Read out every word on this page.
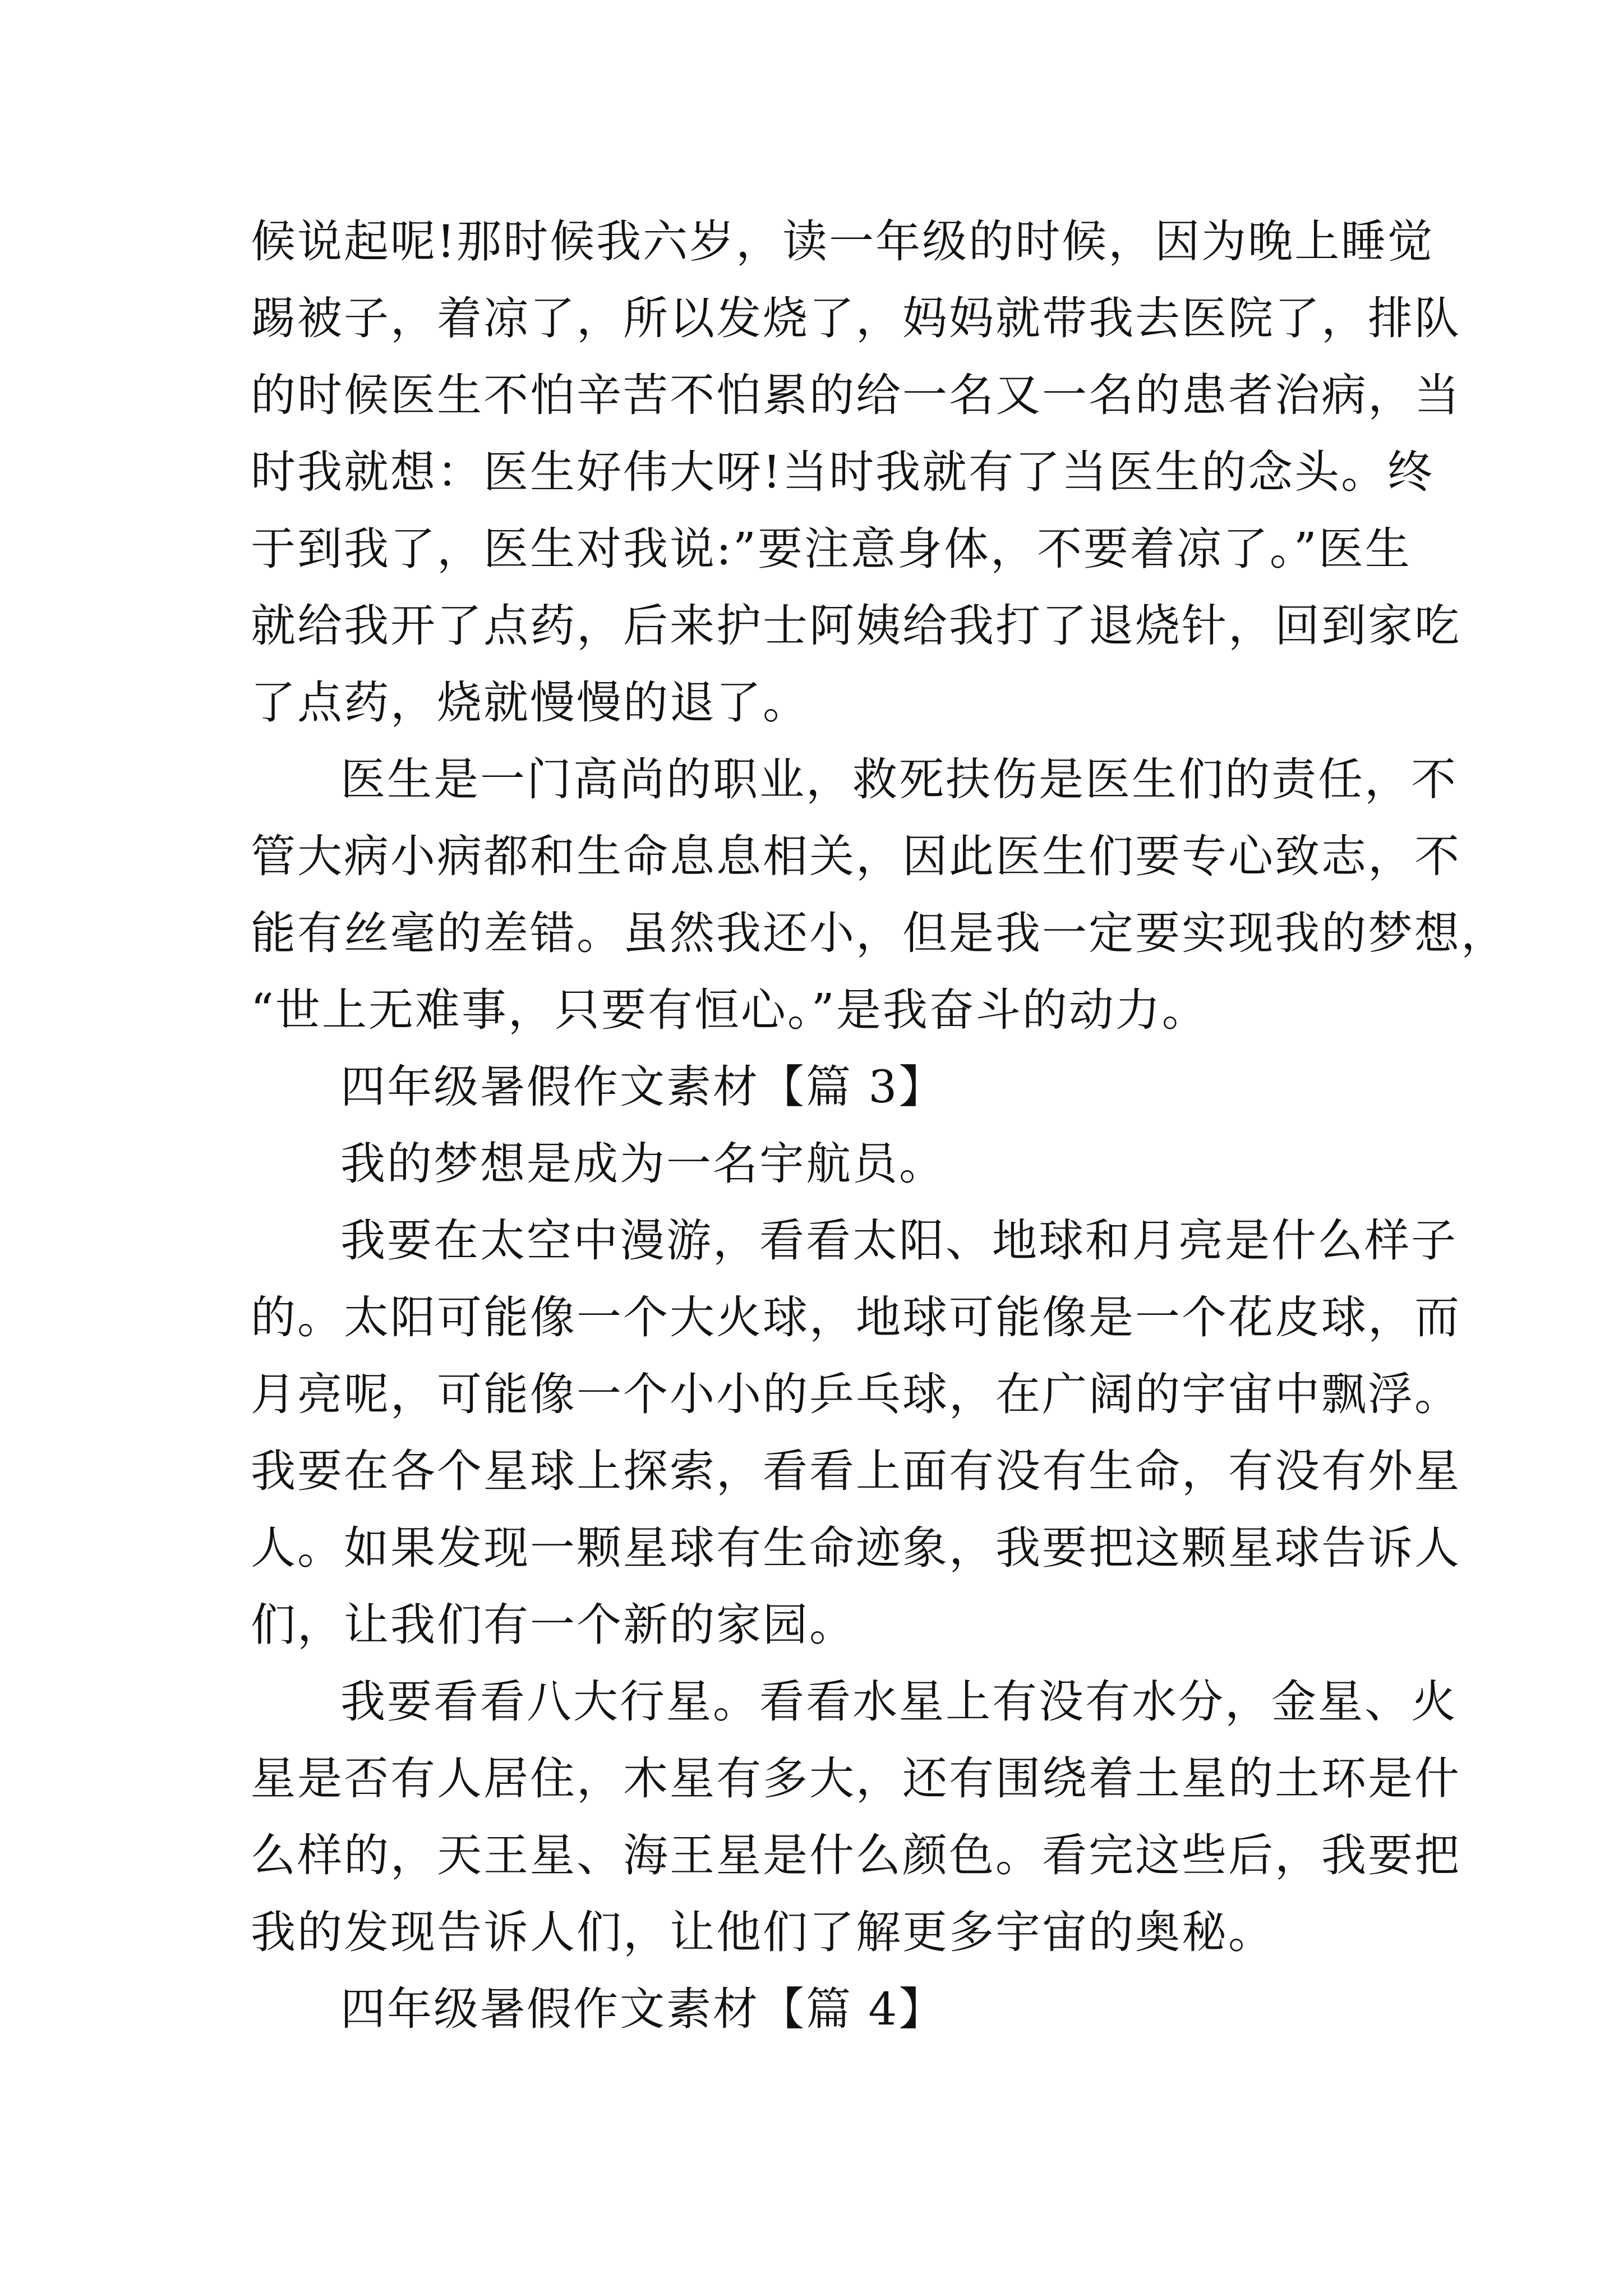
候说起呢!那时候我六岁，读一年级的时候，因为晚上睡觉
踢被子，着凉了，所以发烧了，妈妈就带我去医院了，排队
的时候医生不怕辛苦不怕累的给一名又一名的患者治病，当
时我就想：医生好伟大呀!当时我就有了当医生的念头。终
于到我了，医生对我说:”要注意身体，不要着凉了。”医生
就给我开了点药，后来护士阿姨给我打了退烧针，回到家吃
了点药，烧就慢慢的退了。
医生是一门高尚的职业，救死扶伤是医生们的责任，不
管大病小病都和生命息息相关，因此医生们要专心致志，不
能有丝毫的差错。虽然我还小，但是我一定要实现我的梦想，
“世上无难事，只要有恒心。”是我奋斗的动力。
四年级暑假作文素材【篇 3】
我的梦想是成为一名宇航员。
我要在太空中漫游，看看太阳、地球和月亮是什么样子
的。太阳可能像一个大火球，地球可能像是一个花皮球，而
月亮呢，可能像一个小小的乒乓球，在广阔的宇宙中飘浮。
我要在各个星球上探索，看看上面有没有生命，有没有外星
人。如果发现一颗星球有生命迹象，我要把这颗星球告诉人
们，让我们有一个新的家园。
我要看看八大行星。看看水星上有没有水分，金星、火
星是否有人居住，木星有多大，还有围绕着土星的土环是什
么样的，天王星、海王星是什么颜色。看完这些后，我要把
我的发现告诉人们，让他们了解更多宇宙的奥秘。
四年级暑假作文素材【篇 4】
